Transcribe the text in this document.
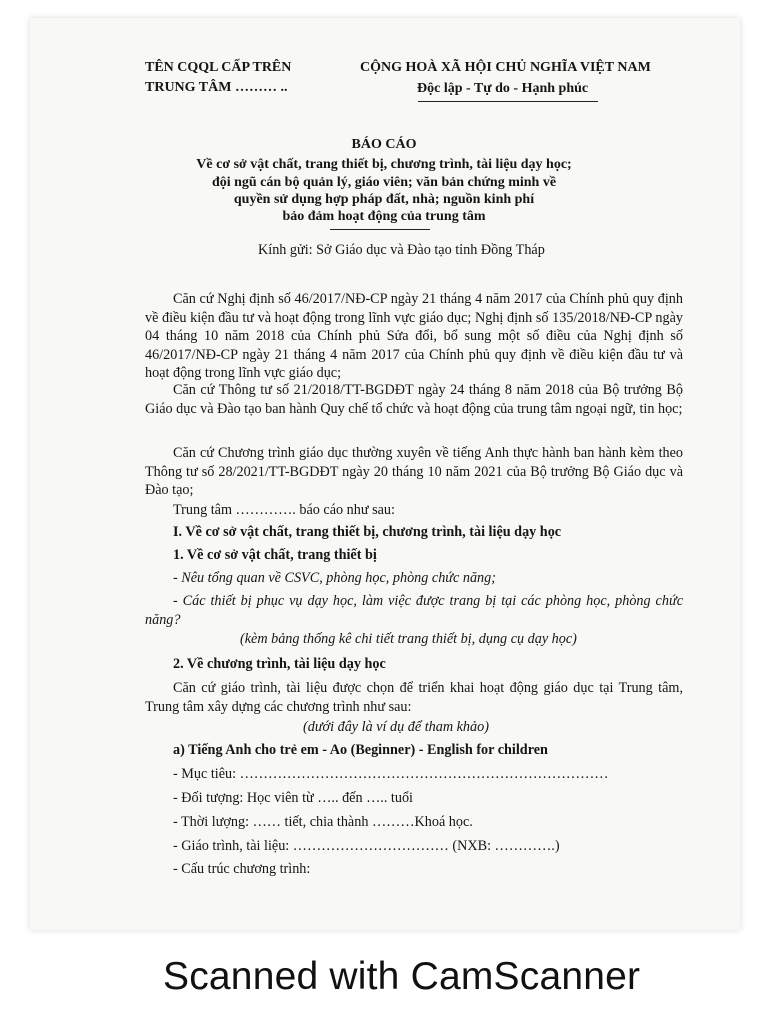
TÊN CQQL CẤP TRÊN
TRUNG TÂM ……… ..
CỘNG HOÀ XÃ HỘI CHỦ NGHĨA VIỆT NAM
Độc lập - Tự do - Hạnh phúc
BÁO CÁO
Về cơ sở vật chất, trang thiết bị, chương trình, tài liệu dạy học;
đội ngũ cán bộ quản lý, giáo viên; văn bản chứng minh về
quyền sử dụng hợp pháp đất, nhà; nguồn kinh phí
bảo đảm hoạt động của trung tâm
Kính gửi: Sở Giáo dục và Đào tạo tỉnh Đồng Tháp
Căn cứ Nghị định số 46/2017/NĐ-CP ngày 21 tháng 4 năm 2017 của Chính phủ quy định về điều kiện đầu tư và hoạt động trong lĩnh vực giáo dục; Nghị định số 135/2018/NĐ-CP ngày 04 tháng 10 năm 2018 của Chính phủ Sửa đổi, bổ sung một số điều của Nghị định số 46/2017/NĐ-CP ngày 21 tháng 4 năm 2017 của Chính phủ quy định về điều kiện đầu tư và hoạt động trong lĩnh vực giáo dục;
Căn cứ Thông tư số 21/2018/TT-BGDĐT ngày 24 tháng 8 năm 2018 của Bộ trưởng Bộ Giáo dục và Đào tạo ban hành Quy chế tổ chức và hoạt động của trung tâm ngoại ngữ, tin học;
Căn cứ Chương trình giáo dục thường xuyên về tiếng Anh thực hành ban hành kèm theo Thông tư số 28/2021/TT-BGDĐT ngày 20 tháng 10 năm 2021 của Bộ trưởng Bộ Giáo dục và Đào tạo;
Trung tâm …………. báo cáo như sau:
I. Về cơ sở vật chất, trang thiết bị, chương trình, tài liệu dạy học
1. Về cơ sở vật chất, trang thiết bị
- Nêu tổng quan về CSVC, phòng học, phòng chức năng;
- Các thiết bị phục vụ dạy học, làm việc được trang bị tại các phòng học, phòng chức năng?
(kèm bảng thống kê chi tiết trang thiết bị, dụng cụ dạy học)
2. Về chương trình, tài liệu dạy học
Căn cứ giáo trình, tài liệu được chọn để triển khai hoạt động giáo dục tại Trung tâm, Trung tâm xây dựng các chương trình như sau:
(dưới đây là ví dụ để tham khảo)
a) Tiếng Anh cho trẻ em - Ao (Beginner) - English for children
- Mục tiêu: ……………………………………………………………………
- Đối tượng: Học viên từ ….. đến ….. tuổi
- Thời lượng: …… tiết, chia thành ………Khoá học.
- Giáo trình, tài liệu: …………………………… (NXB: ………….)
- Cấu trúc chương trình:
Scanned with CamScanner
